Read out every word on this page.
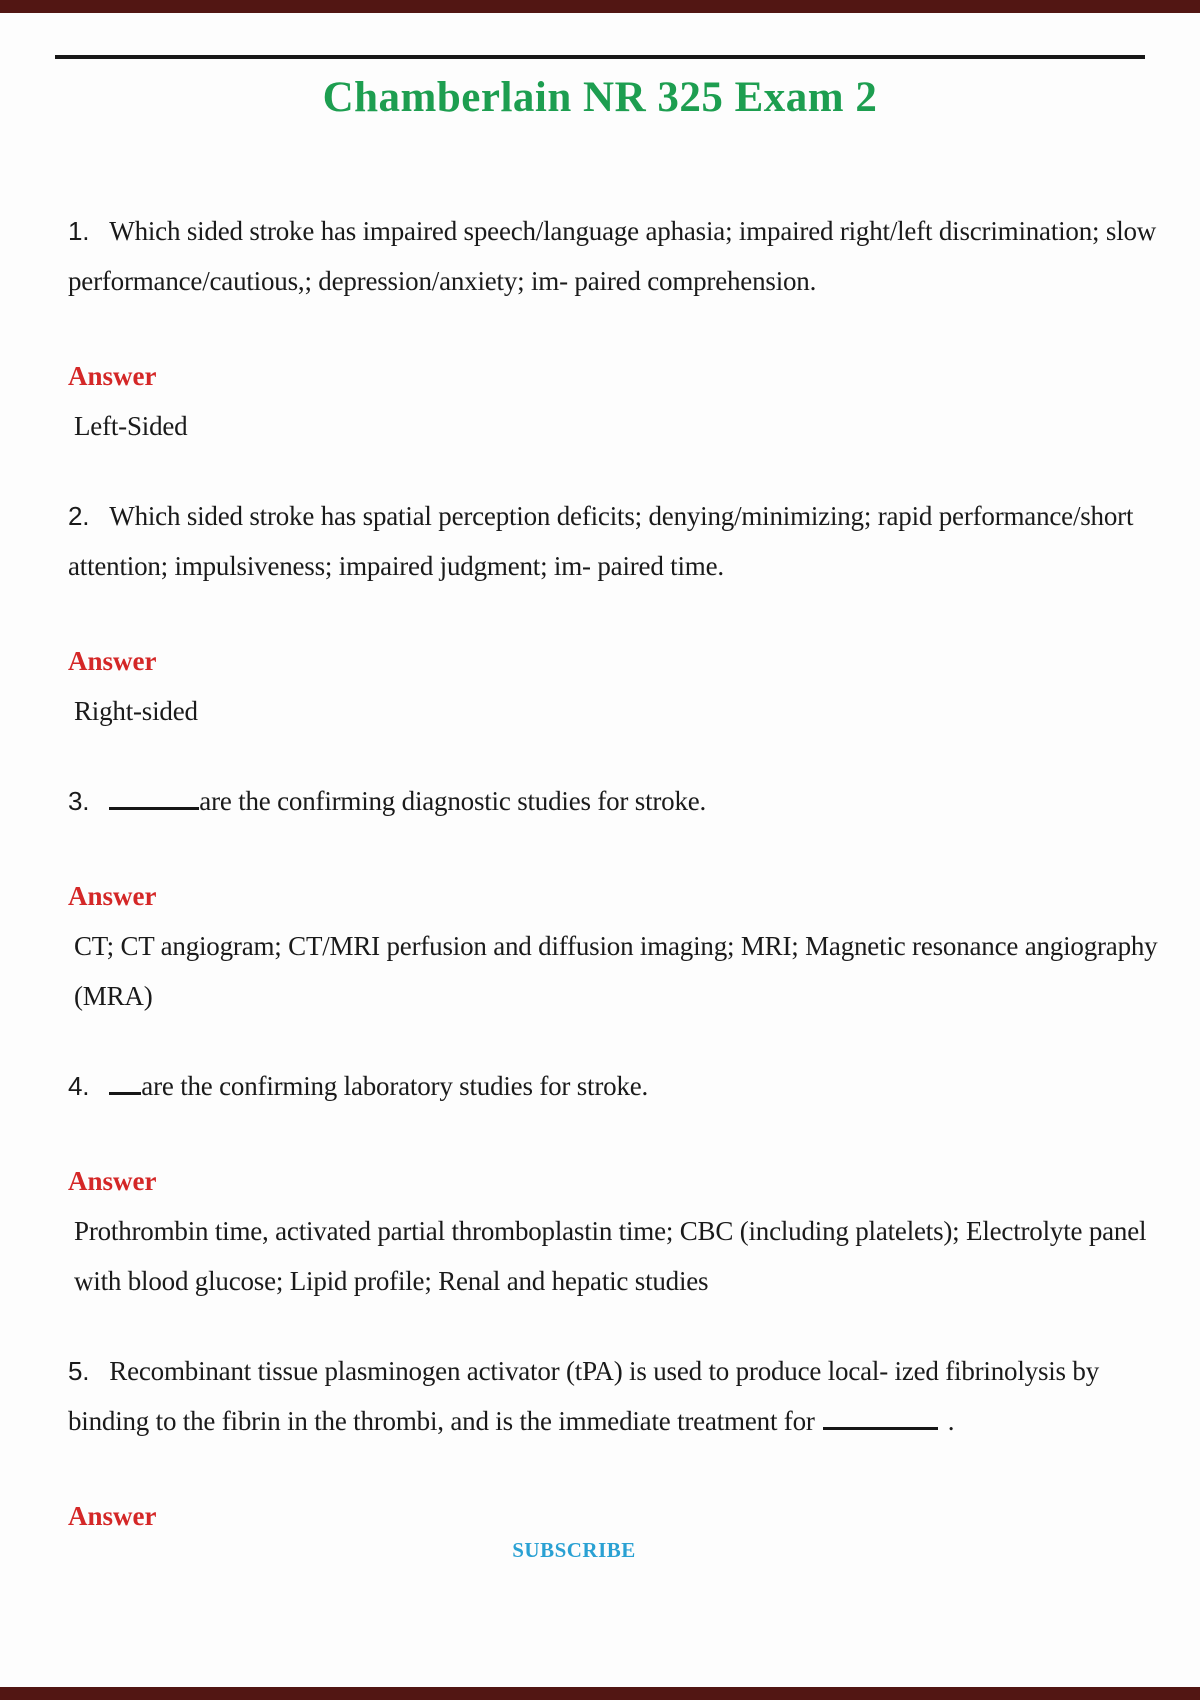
Chamberlain NR 325 Exam 2

1. Which sided stroke has impaired speech/language aphasia; impaired right/left discrimination; slow performance/cautious,; depression/anxiety; im- paired comprehension.

Answer

Left-Sided

2. Which sided stroke has spatial perception deficits; denying/minimizing; rapid performance/short attention; impulsiveness; impaired judgment; im- paired time.

Answer

Right-sided

3.	are the confirming diagnostic studies for stroke.

Answer

CT; CT angiogram; CT/MRI perfusion and diffusion imaging; MRI; Magnetic resonance angiography (MRA)

4. are the confirming laboratory studies for stroke.

Answer

Prothrombin time, activated partial thromboplastin time; CBC (including platelets); Electrolyte panel with blood glucose; Lipid profile; Renal and hepatic studies

5. Recombinant tissue plasminogen activator (tPA) is used to produce local- ized fibrinolysis by binding to the fibrin in the thrombi, and is the immediate treatment for	.

Answer

SUBSCRIBE
